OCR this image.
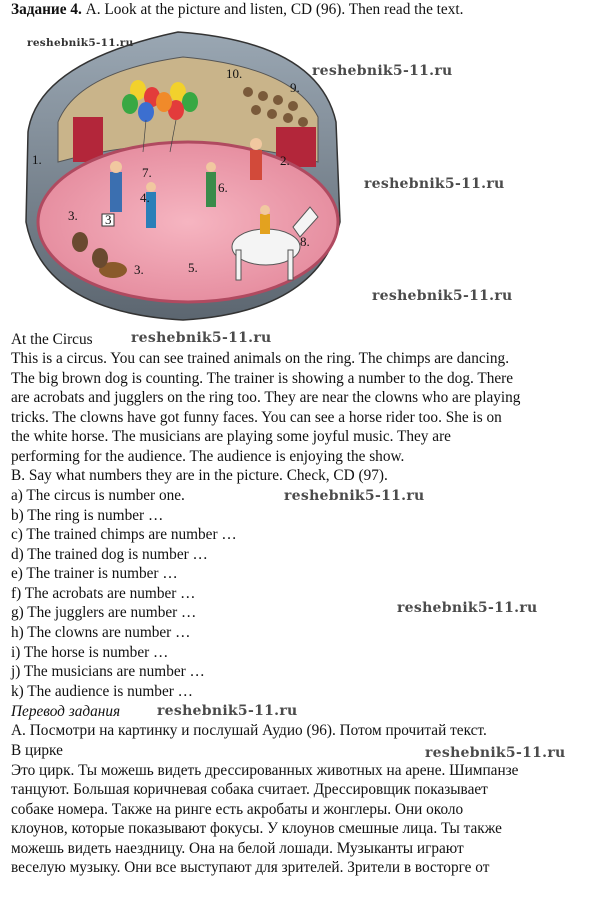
Задание 4. A. Look at the picture and listen, CD (96). Then read the text.
3
1.	2.
3.
3.
4.
5.
6.
7.
8.
9.
10.
reshebnik5-11.ru
reshebnik5-11.ru
reshebnik5-11.ru
reshebnik5-11.ru
reshebnik5-11.ru
reshebnik5-11.ru
reshebnik5-11.ru
reshebnik5-11.ru
reshebnik5-11.ru
At the Circus
This is a circus. You can see trained animals on the ring. The chimps are dancing.
The big brown dog is counting. The trainer is showing a number to the dog. There
are acrobats and jugglers on the ring too. They are near the clowns who are playing
tricks. The clowns have got funny faces. You can see a horse rider too. She is on
the white horse. The musicians are playing some joyful music. They are
performing for the audience. The audience is enjoying the show.
B. Say what numbers they are in the picture. Check, CD (97).
a) The circus is number one.
b) The ring is number …
c) The trained chimps are number …
d) The trained dog is number …
e) The trainer is number …
f) The acrobats are number …
g) The jugglers are number …
h) The clowns are number …
i) The horse is number …
j) The musicians are number …
k) The audience is number …
Перевод задания
А. Посмотри на картинку и послушай Аудио (96). Потом прочитай текст.
В цирке
Это цирк. Ты можешь видеть дрессированных животных на арене. Шимпанзе
танцуют. Большая коричневая собака считает. Дрессировщик показывает
собаке номера. Также на ринге есть акробаты и жонглеры. Они около
клоунов, которые показывают фокусы. У клоунов смешные лица. Ты также
можешь видеть наездницу. Она на белой лошади. Музыканты играют
веселую музыку. Они все выступают для зрителей. Зрители в восторге от
